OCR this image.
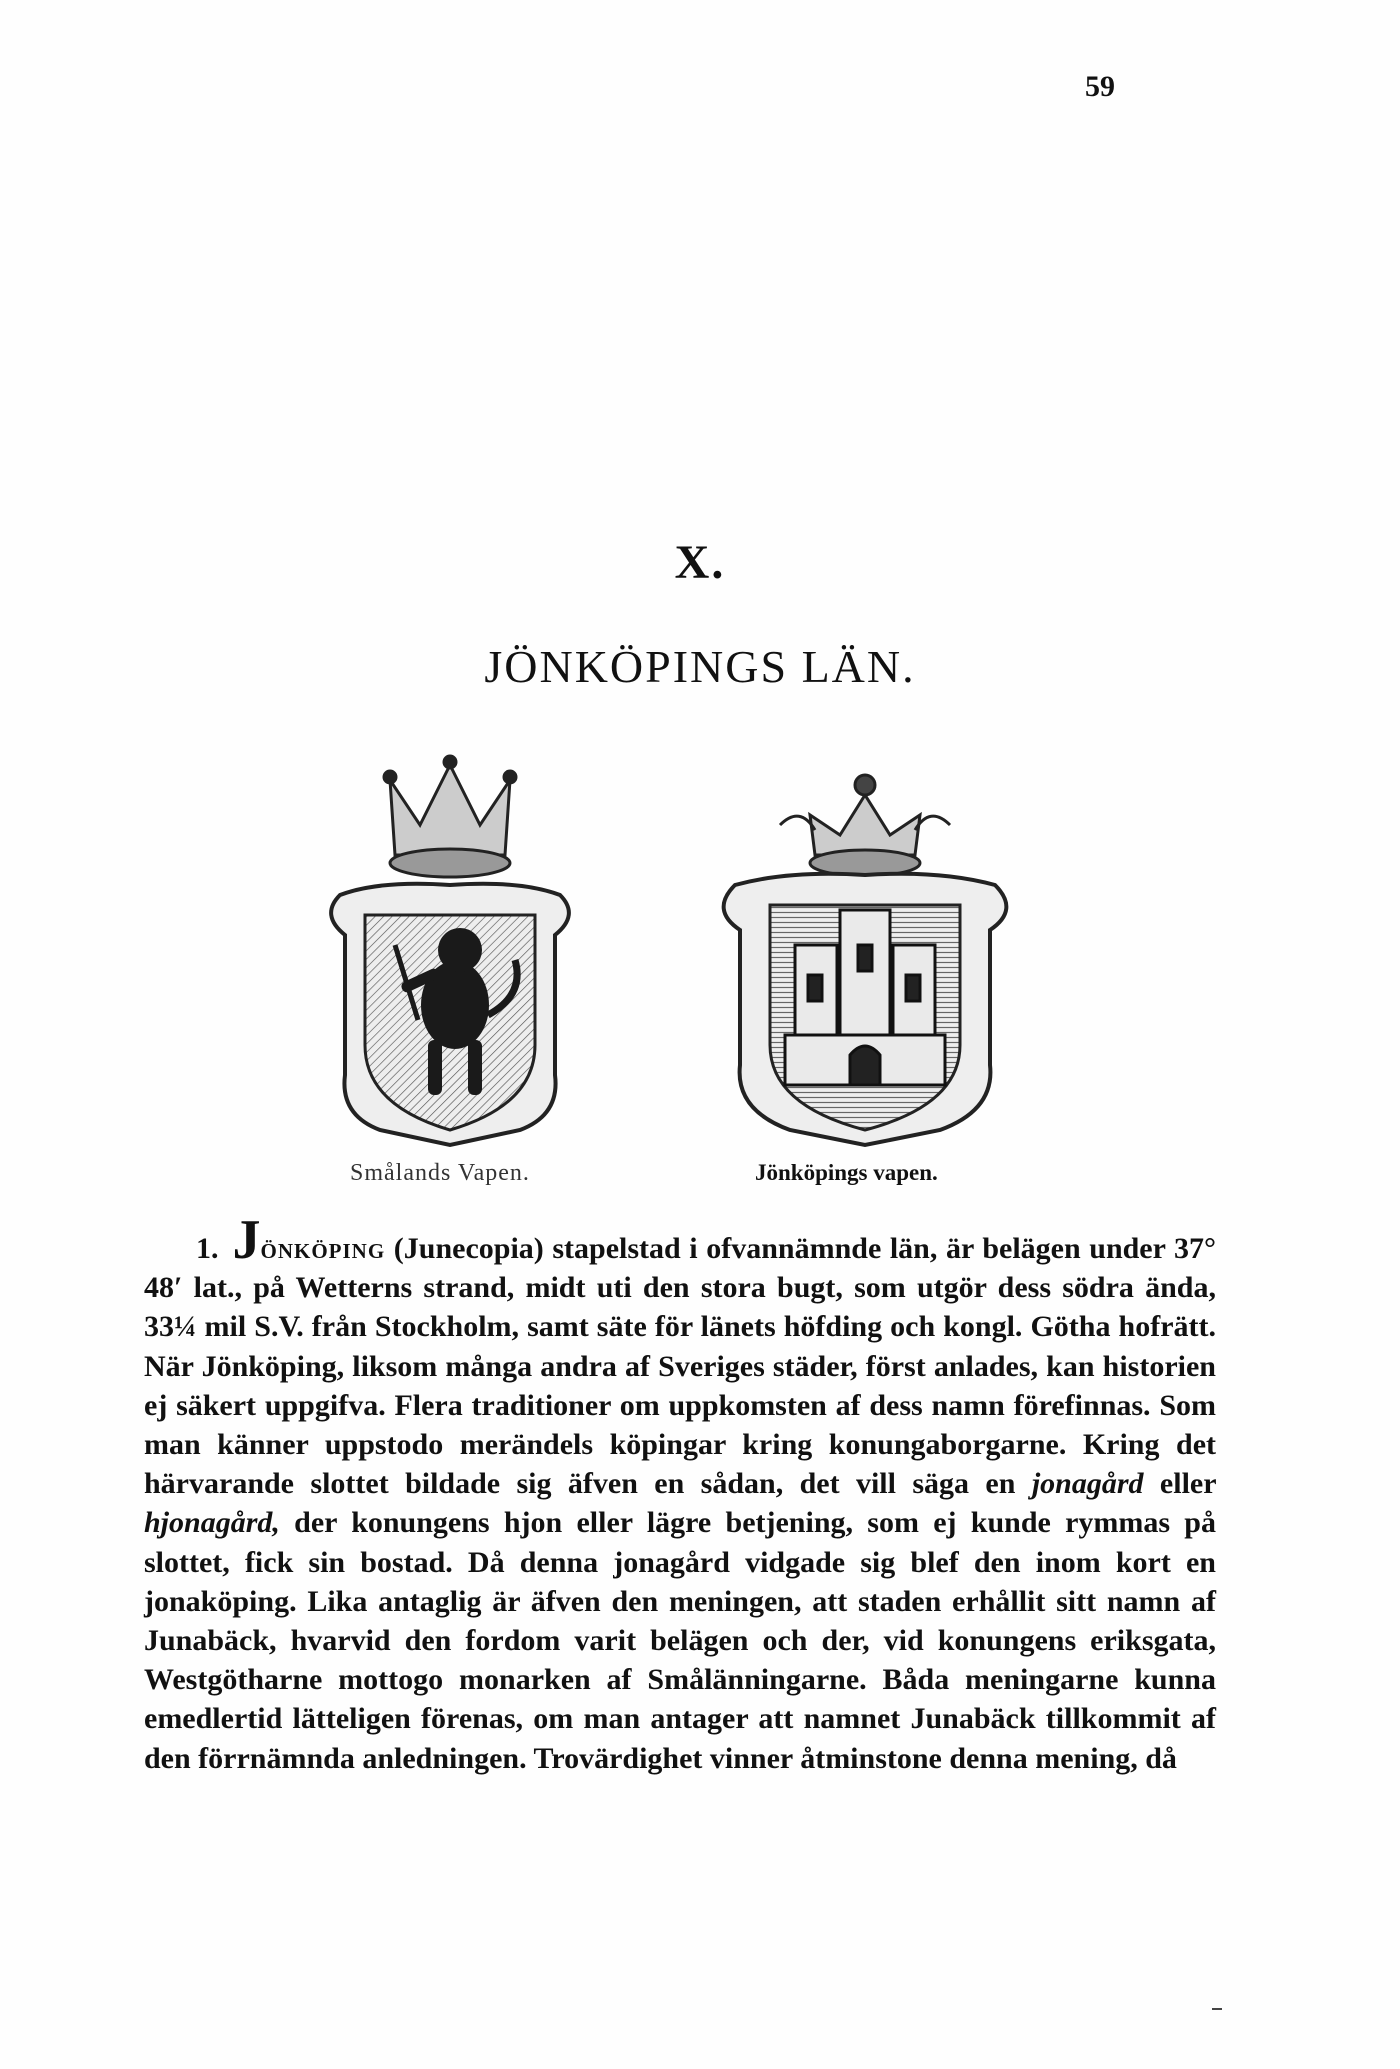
59
X.
JÖNKÖPINGS LÄN.
Smålands Vapen.	Jönköpings vapen.

1. Jönköping (Junecopia) stapelstad i ofvannämnde län, är belägen under 37° 48′ lat., på Wetterns strand, midt uti den stora bugt, som utgör dess södra ända, 33¼ mil S.V. från Stockholm, samt säte för länets höfding och kongl. Götha hofrätt. När Jönköping, liksom många andra af Sveriges städer, först anlades, kan historien ej säkert uppgifva. Flera traditioner om uppkomsten af dess namn förefinnas. Som man känner uppstodo merändels köpingar kring konungaborgarne. Kring det härvarande slottet bildade sig äfven en sådan, det vill säga en jonagård eller hjonagård, der konungens hjon eller lägre betjening, som ej kunde rymmas på slottet, fick sin bostad. Då denna jonagård vidgade sig blef den inom kort en jonaköping. Lika antaglig är äfven den meningen, att staden erhållit sitt namn af Junabäck, hvarvid den fordom varit belägen och der, vid konungens eriksgata, Westgötharne mottogo monarken af Smålänningarne. Båda meningarne kunna emedlertid lätteligen förenas, om man antager att namnet Junabäck tillkommit af den förrnämnda anledningen. Trovärdighet vinner åtminstone denna mening, då
